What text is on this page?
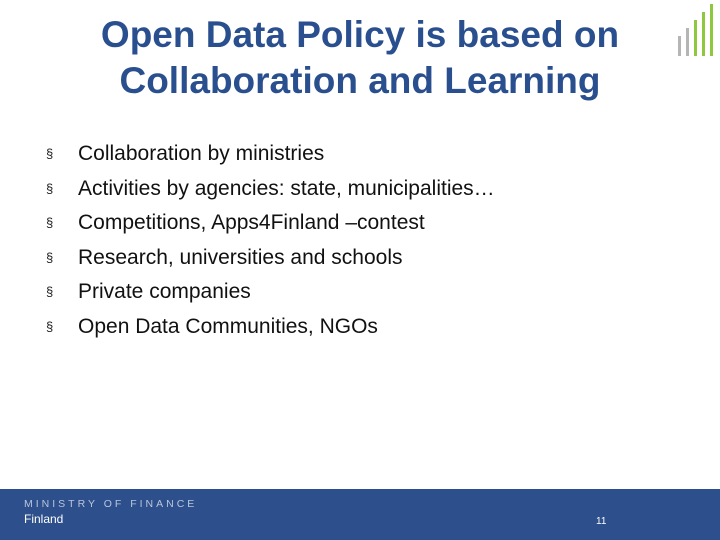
Open Data Policy is based on
Collaboration and Learning
§ Collaboration by ministries
§ Activities by agencies: state, municipalities…
§ Competitions, Apps4Finland –contest
§ Research, universities and schools
§ Private companies
§ Open Data Communities, NGOs
MINISTRY OF FINANCE
Finland	11
